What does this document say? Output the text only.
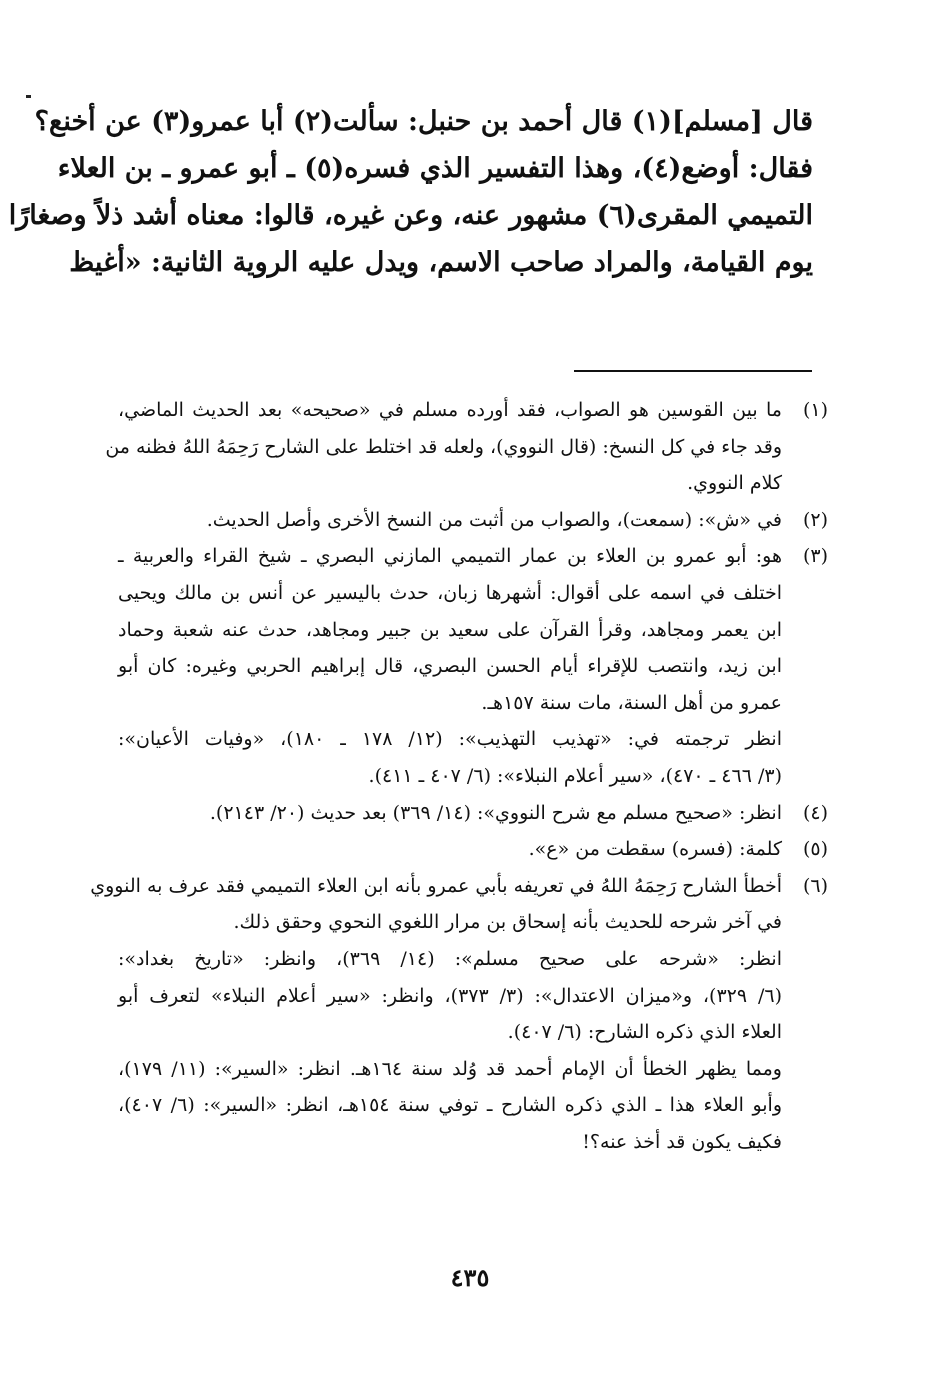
قال [مسلم](١) قال أحمد بن حنبل: سألت(٢) أبا عمرو(٣) عن أخنع؟
فقال: أوضع(٤)، وهذا التفسير الذي فسره(٥) ـ أبو عمرو ـ بن العلاء
التميمي المقرى(٦) مشهور عنه، وعن غيره، قالوا: معناه أشد ذلاً وصغارًا
يوم القيامة، والمراد صاحب الاسم، ويدل عليه الروية الثانية: «أغيظ
(١)
ما بين القوسين هو الصواب، فقد أورده مسلم في «صحيحه» بعد الحديث الماضي،
وقد جاء في كل النسخ: (قال النووي)، ولعله قد اختلط على الشارح رَحِمَهُ اللهُ فظنه من
كلام النووي.
(٢)
في «ش»: (سمعت)، والصواب من أثبت من النسخ الأخرى وأصل الحديث.
(٣)
هو: أبو عمرو بن العلاء بن عمار التميمي المازني البصري ـ شيخ القراء والعربية ـ
اختلف في اسمه على أقوال: أشهرها زبان، حدث باليسير عن أنس بن مالك ويحيى
ابن يعمر ومجاهد، وقرأ القرآن على سعيد بن جبير ومجاهد، حدث عنه شعبة وحماد
ابن زيد، وانتصب للإقراء أيام الحسن البصري، قال إبراهيم الحربي وغيره: كان أبو
عمرو من أهل السنة، مات سنة ١٥٧هـ.
انظر ترجمته في: «تهذيب التهذيب»: (١٢/ ١٧٨ ـ ١٨٠)، «وفيات الأعيان»:
(٣/ ٤٦٦ ـ ٤٧٠)، «سير أعلام النبلاء»: (٦/ ٤٠٧ ـ ٤١١).
(٤)
انظر: «صحيح مسلم مع شرح النووي»: (١٤/ ٣٦٩) بعد حديث (٢٠/ ٢١٤٣).
(٥)
كلمة: (فسره) سقطت من «ع».
(٦)
أخطأ الشارح رَحِمَهُ اللهُ في تعريفه بأبي عمرو بأنه ابن العلاء التميمي فقد عرف به النووي
في آخر شرحه للحديث بأنه إسحاق بن مرار اللغوي النحوي وحقق ذلك.
انظر: «شرحه على صحيح مسلم»: (١٤/ ٣٦٩)، وانظر: «تاريخ بغداد»:
(٦/ ٣٢٩)، و«ميزان الاعتدال»: (٣/ ٣٧٣)، وانظر: «سير أعلام النبلاء» لتعرف أبو
العلاء الذي ذكره الشارح: (٦/ ٤٠٧).
ومما يظهر الخطأ أن الإمام أحمد قد وُلد سنة ١٦٤هـ. انظر: «السير»: (١١/ ١٧٩)،
وأبو العلاء هذا ـ الذي ذكره الشارح ـ توفي سنة ١٥٤هـ، انظر: «السير»: (٦/ ٤٠٧)،
فكيف يكون قد أخذ عنه؟!
٤٣٥
